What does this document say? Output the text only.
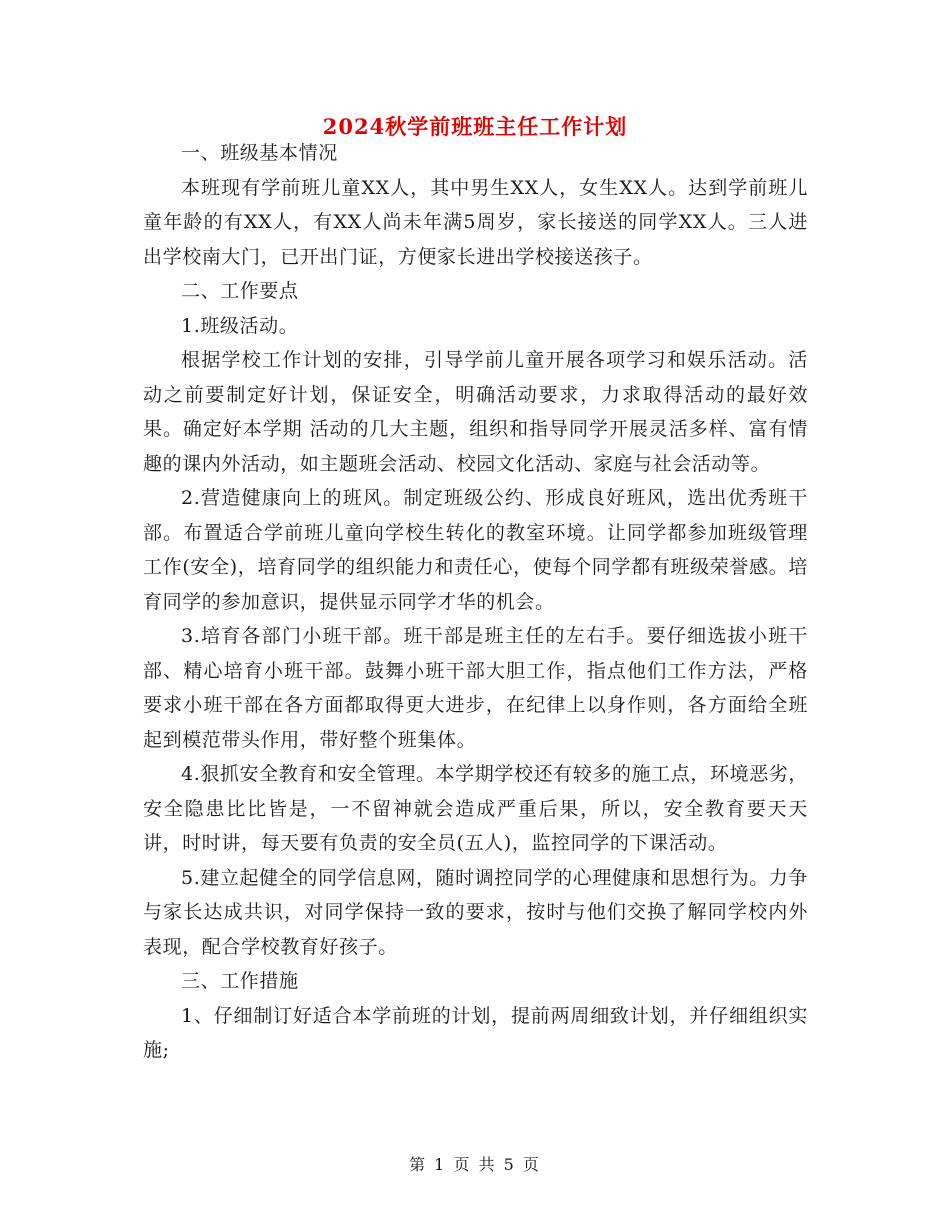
2024秋学前班班主任工作计划

一、班级基本情况

本班现有学前班儿童XX人，其中男生XX人，女生XX人。达到学前班儿童年龄的有XX人，有XX人尚未年满5周岁，家长接送的同学XX人。三人进出学校南大门，已开出门证，方便家长进出学校接送孩子。

二、工作要点

1.班级活动。

根据学校工作计划的安排，引导学前儿童开展各项学习和娱乐活动。活动之前要制定好计划，保证安全，明确活动要求，力求取得活动的最好效果。确定好本学期 活动的几大主题，组织和指导同学开展灵活多样、富有情趣的课内外活动，如主题班会活动、校园文化活动、家庭与社会活动等。

2.营造健康向上的班风。制定班级公约、形成良好班风，选出优秀班干部。布置适合学前班儿童向学校生转化的教室环境。让同学都参加班级管理工作(安全)，培育同学的组织能力和责任心，使每个同学都有班级荣誉感。培育同学的参加意识，提供显示同学才华的机会。

3.培育各部门小班干部。班干部是班主任的左右手。要仔细选拔小班干部、精心培育小班干部。鼓舞小班干部大胆工作，指点他们工作方法，严格要求小班干部在各方面都取得更大进步，在纪律上以身作则，各方面给全班起到模范带头作用，带好整个班集体。

4.狠抓安全教育和安全管理。本学期学校还有较多的施工点，环境恶劣，安全隐患比比皆是，一不留神就会造成严重后果，所以，安全教育要天天讲，时时讲，每天要有负责的安全员(五人)，监控同学的下课活动。

5.建立起健全的同学信息网，随时调控同学的心理健康和思想行为。力争与家长达成共识，对同学保持一致的要求，按时与他们交换了解同学校内外表现，配合学校教育好孩子。

三、工作措施

1、仔细制订好适合本学前班的计划，提前两周细致计划，并仔细组织实施;

第 1 页 共 5 页
